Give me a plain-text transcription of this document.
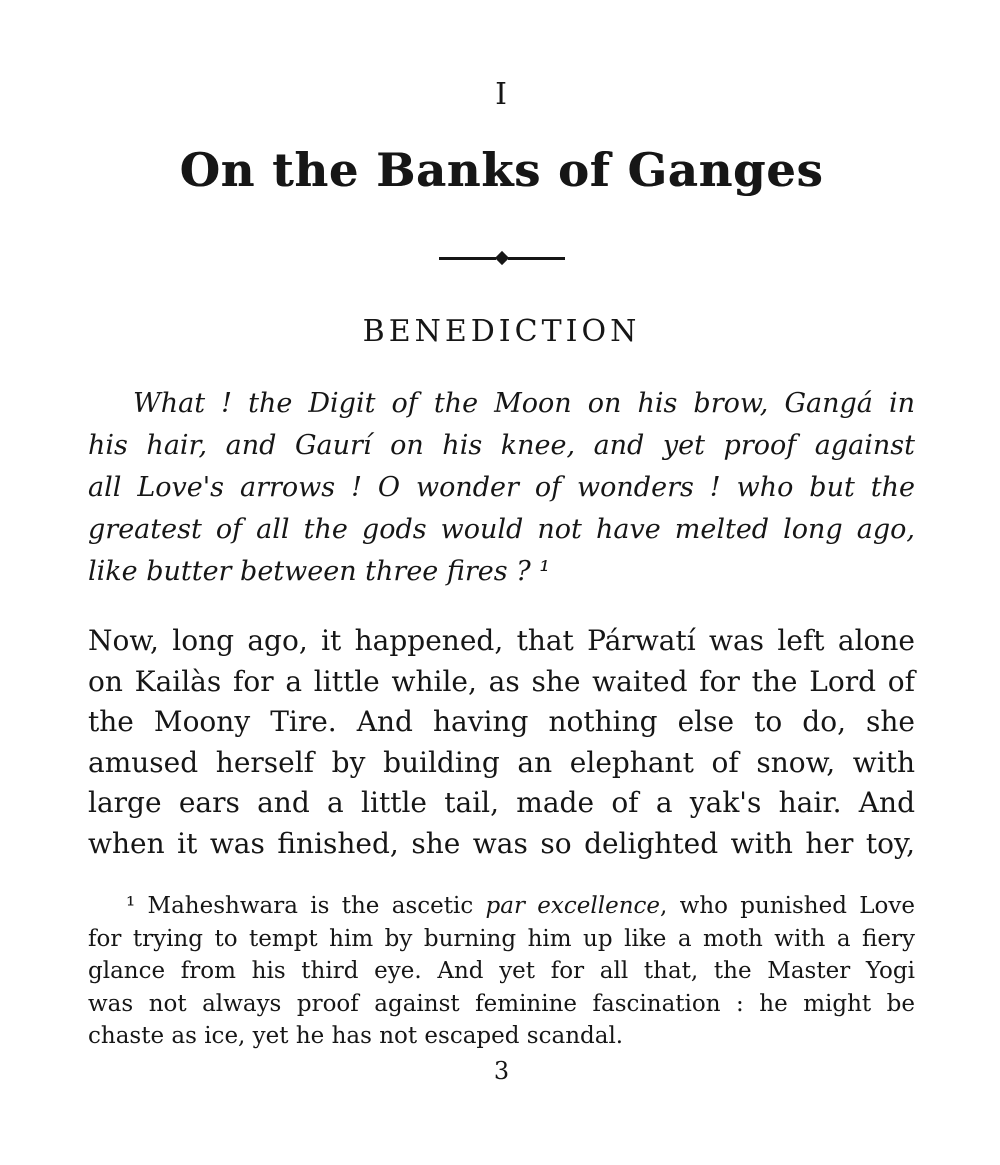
I
On the Banks of Ganges
BENEDICTION
What ! the Digit of the Moon on his brow, Gangá in
his hair, and Gaurí on his knee, and yet proof against
all Love's arrows ! O wonder of wonders ! who but the
greatest of all the gods would not have melted long ago,
like butter between three fires ? ¹
Now, long ago, it happened, that Párwatí was left alone
on Kailàs for a little while, as she waited for the Lord of
the Moony Tire. And having nothing else to do, she
amused herself by building an elephant of snow, with
large ears and a little tail, made of a yak's hair. And
when it was finished, she was so delighted with her toy,
¹ Maheshwara is the ascetic par excellence, who punished Love
for trying to tempt him by burning him up like a moth with a fiery
glance from his third eye. And yet for all that, the Master Yogi
was not always proof against feminine fascination : he might be
chaste as ice, yet he has not escaped scandal.
3
